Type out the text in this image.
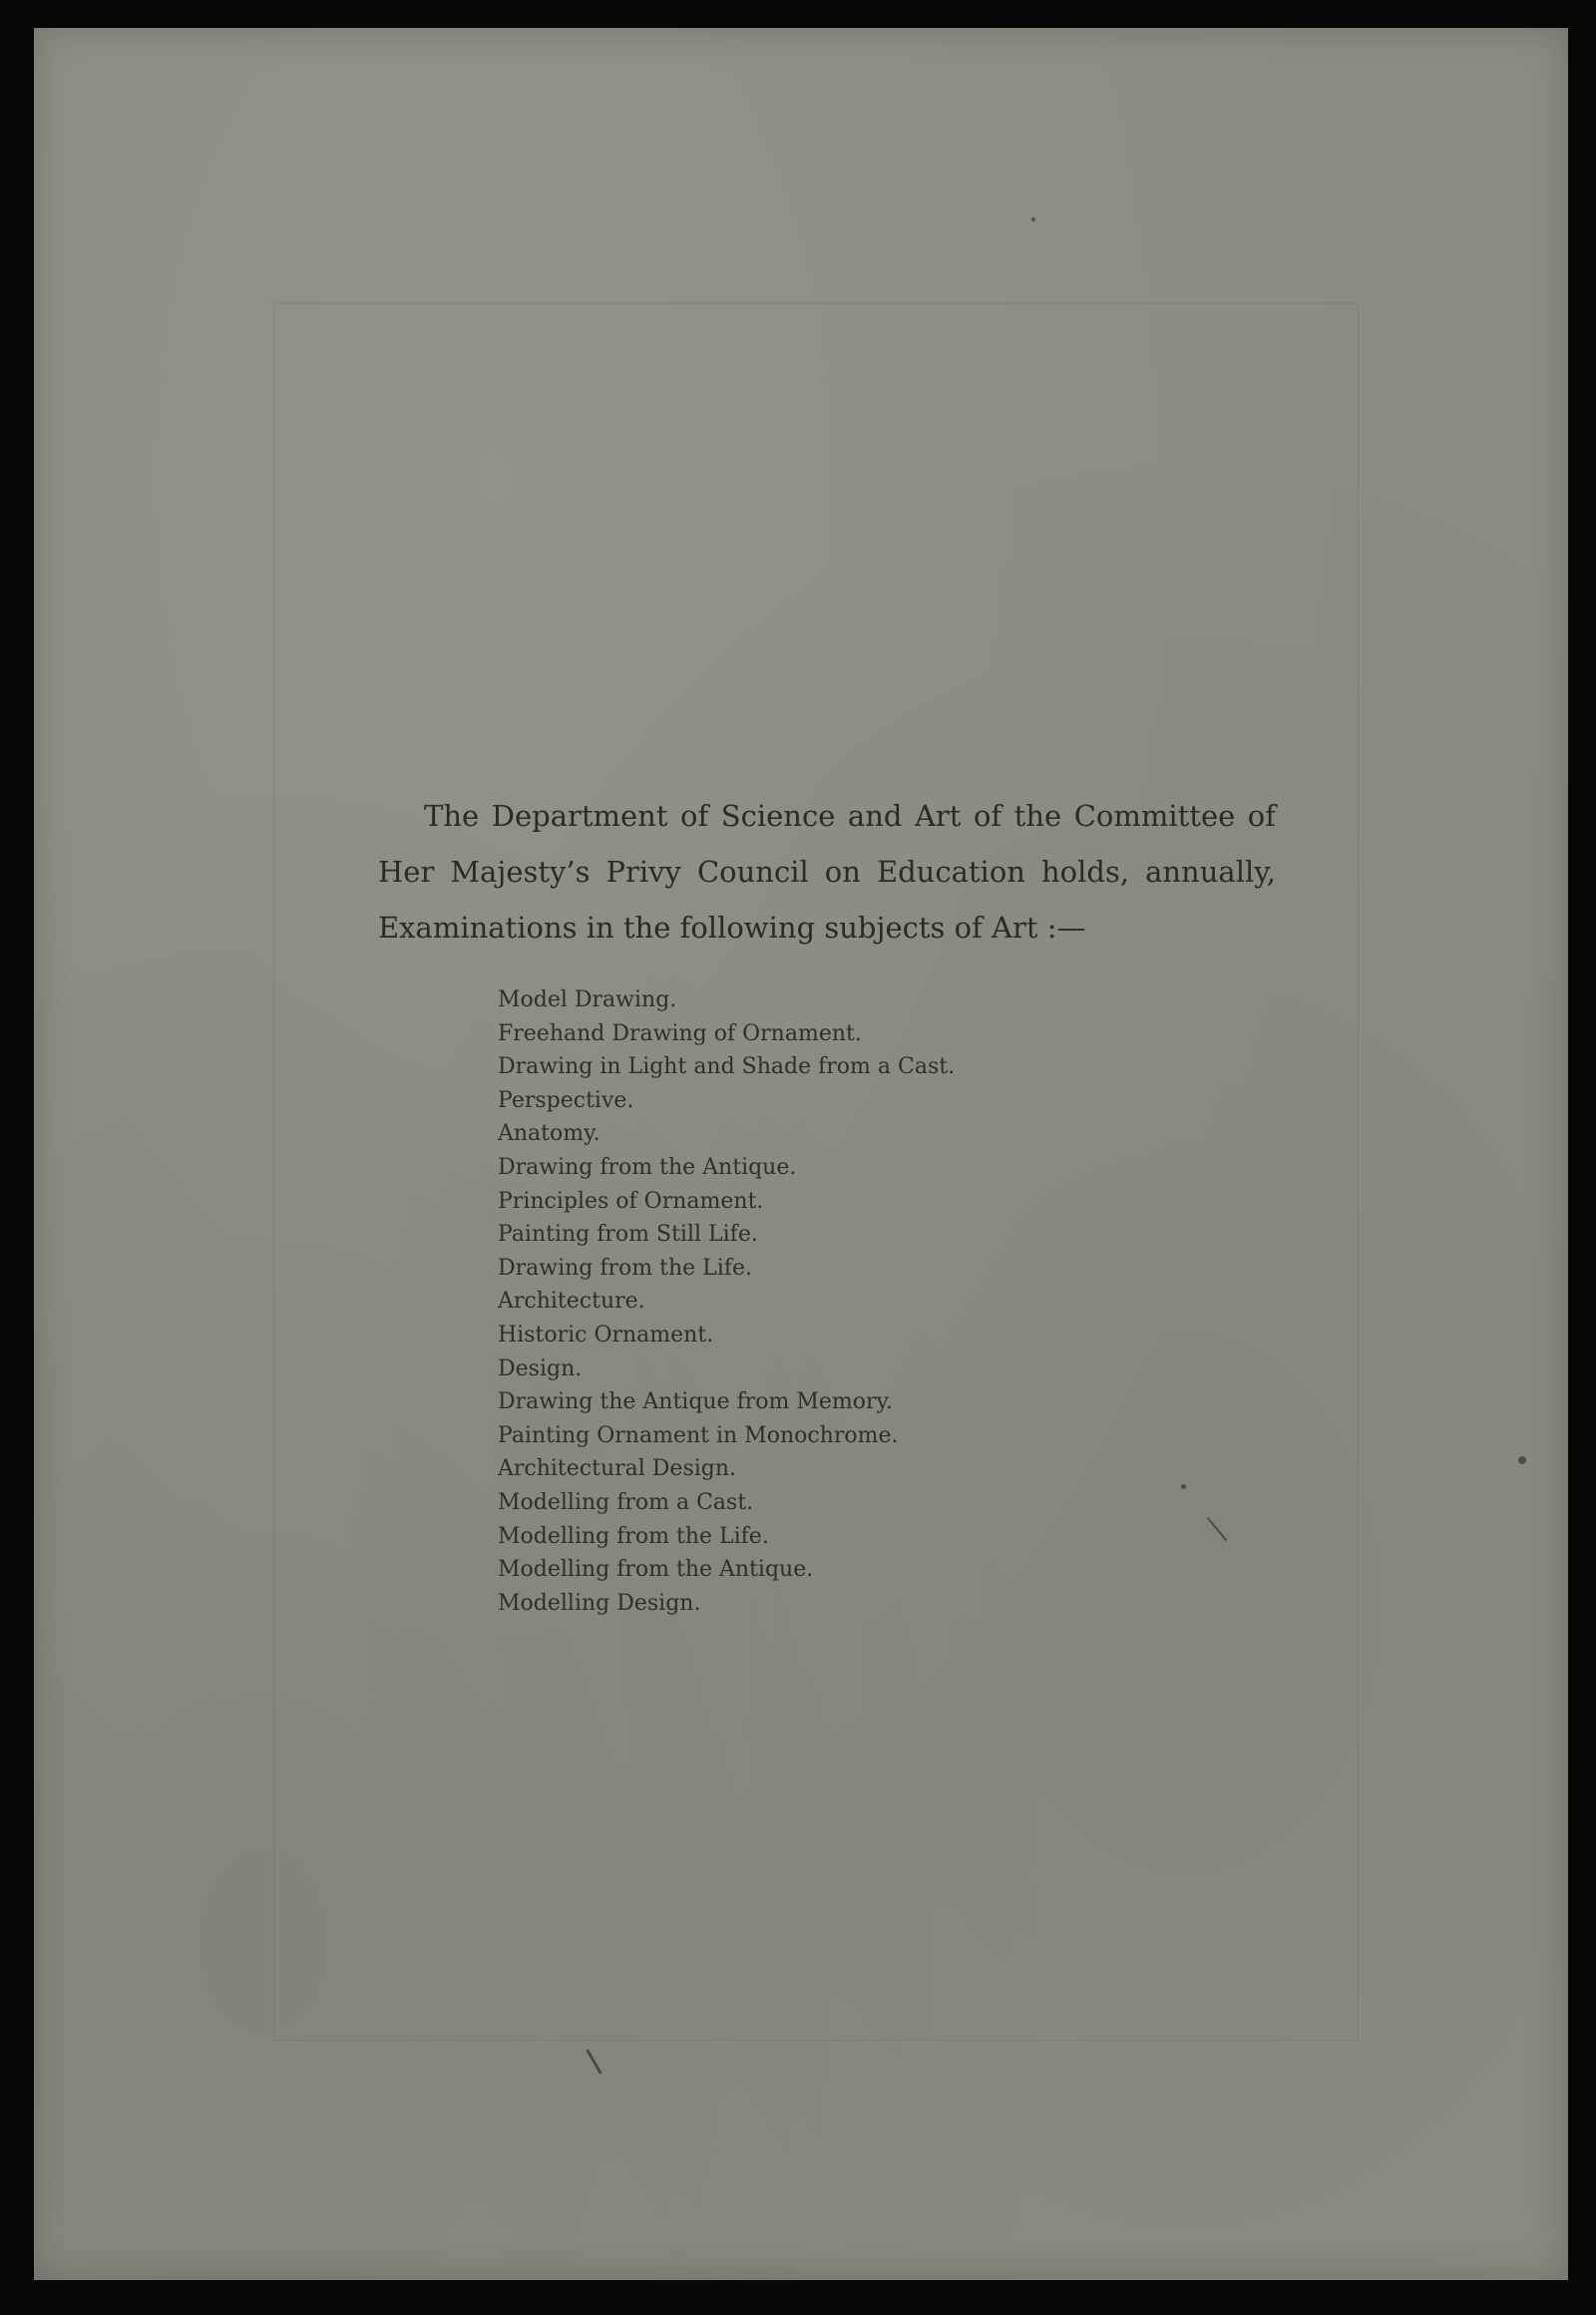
The Department of Science and Art of the Committee of Her Majesty’s Privy Council on Education holds, annually, Examinations in the following subjects of Art :—

Model Drawing.
Freehand Drawing of Ornament.
Drawing in Light and Shade from a Cast.
Perspective.
Anatomy.
Drawing from the Antique.
Principles of Ornament.
Painting from Still Life.
Drawing from the Life.
Architecture.
Historic Ornament.
Design.
Drawing the Antique from Memory.
Painting Ornament in Monochrome.
Architectural Design.
Modelling from a Cast.
Modelling from the Life.
Modelling from the Antique.
Modelling Design.
